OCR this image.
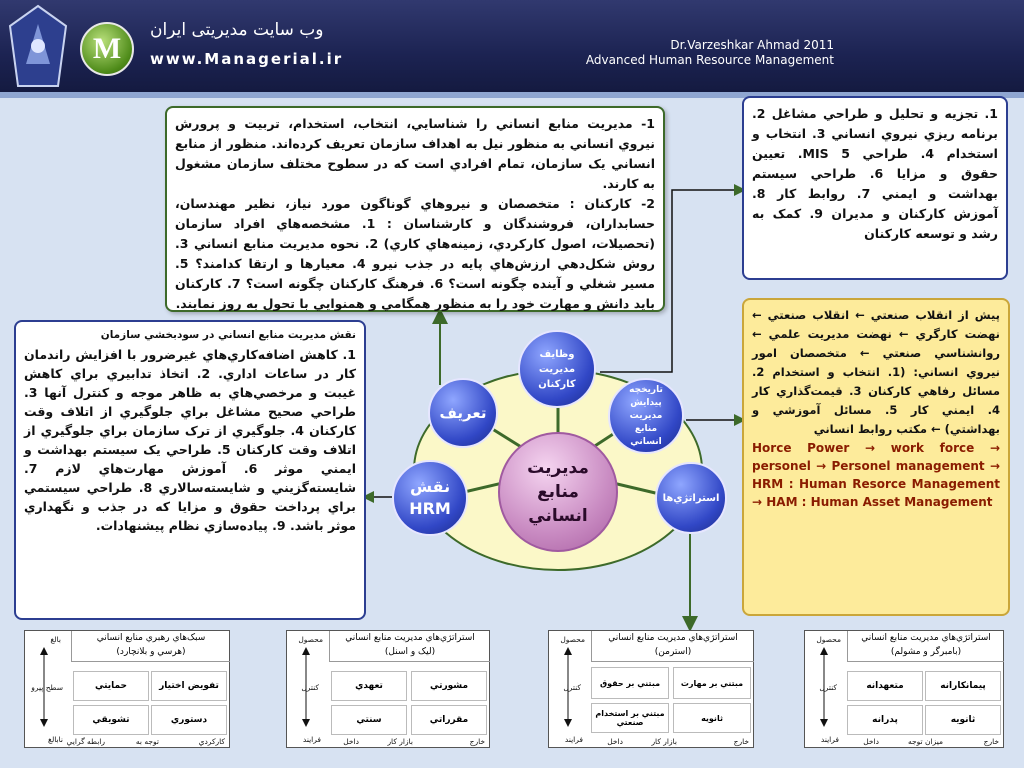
M
وب سایت مدیریتی ایران
www.Managerial.ir
Dr.Varzeshkar Ahmad 2011
Advanced Human Resource Management
1- مديريت منابع انساني را شناسايي، انتخاب، استخدام، تربيت و پرورش نيروي انساني به منظور نيل به اهداف سازمان تعريف کرده‌اند. منظور از منابع انساني يک سازمان، تمام افرادي است که در سطوح مختلف سازمان مشغول به کارند.
2- کارکنان : متخصصان و نيروهاي گوناگون مورد نياز، نظير مهندسان، حسابداران، فروشندگان و کارشناسان : 1. مشخصه‌هاي افراد سازمان (تحصيلات، اصول کارکردي، زمينه‌هاي کاري) 2. نحوه مديريت منابع انساني 3. روش شکل‌دهي ارزش‌هاي پايه در جذب نيرو 4. معيارها و ارتقا کدامند؟ 5. مسير شغلي و آينده چگونه است؟ 6. فرهنگ کارکنان چگونه است؟ 7. کارکنان بايد دانش و مهارت خود را به منظور همگامي و همنوايي با تحول به روز نمايند.
1. تجزيه و تحليل و طراحي مشاغل 2. برنامه ريزي نيروي انساني 3. انتخاب و استخدام 4. طراحي MIS 5. تعيين حقوق و مزايا 6. طراحي سيستم بهداشت و ايمني 7. روابط کار 8. آموزش کارکنان و مديران 9. کمک به رشد و توسعه کارکنان
نقش مديريت منابع انساني در سودبخشي سازمان
1. کاهش اضافه‌کاري‌هاي غيرضرور با افزايش راندمان کار در ساعات اداري. 2. اتخاذ تدابيري براي کاهش غيبت و مرخصي‌هاي به ظاهر موجه و کنترل آنها 3. طراحي صحيح مشاغل براي جلوگيري از اتلاف وقت کارکنان 4. جلوگيري از ترک سازمان براي جلوگيري از اتلاف وقت کارکنان 5. طراحي يک سيستم بهداشت و ايمني موثر 6. آموزش مهارت‌هاي لازم 7. شايسته‌گزيني و شايسته‌سالاري 8. طراحي سيستمي براي پرداخت حقوق و مزايا که در جذب و نگهداري موثر باشد. 9. پياده‌سازي نظام پيشنهادات.
پيش از انقلاب صنعتي ← انقلاب صنعتي ← نهضت کارگري ← نهضت مديريت علمي ← روانشناسي صنعتي ← متخصصان امور نيروي انساني: (1. انتخاب و استخدام 2. مسائل رفاهي کارکنان 3. قيمت‌گذاري کار 4. ايمني کار 5. مسائل آموزشي و بهداشتي) ← مکتب روابط انساني
Horce Power → work force → personel → Personel management → HRM : Human Resorce Management → HAM : Human Asset Management
مديريت منابع انساني
وظايف مديريت کارکنان	تاريخچه پيدايش مديريت منابع انساني
تعريف
نقش
HRM
استراتژي‌ها
بالغ
سطح پيرو
نابالغ
سبک‌هاي رهبري منابع انساني
(هرسي و بلانچارد)
تفويض اختيار
حمايتي
دستوري
تشويقي
کارکردي
توجه به
رابطه گرايي
محصول
کنترل
فرايند
استراتژي‌هاي مديريت منابع انساني
(ليک و اسنل)
مشورتي
تعهدي
مقرراتي
سنتي
خارج
بازار کار
داخل
محصول
کنترل
فرايند
استراتژي‌هاي مديريت منابع انساني
(استرمن)
مبتني بر مهارت
مبتني بر حقوق
ثانويه
مبتني بر استخدام صنعتي
خارج
بازار کار
داخل
محصول
کنترل
فرايند
استراتژي‌هاي مديريت منابع انساني
(بامبرگر و مشولم)
پيمانکارانه
متعهدانه
ثانويه
پدرانه
خارج
ميزان توجه
داخل
